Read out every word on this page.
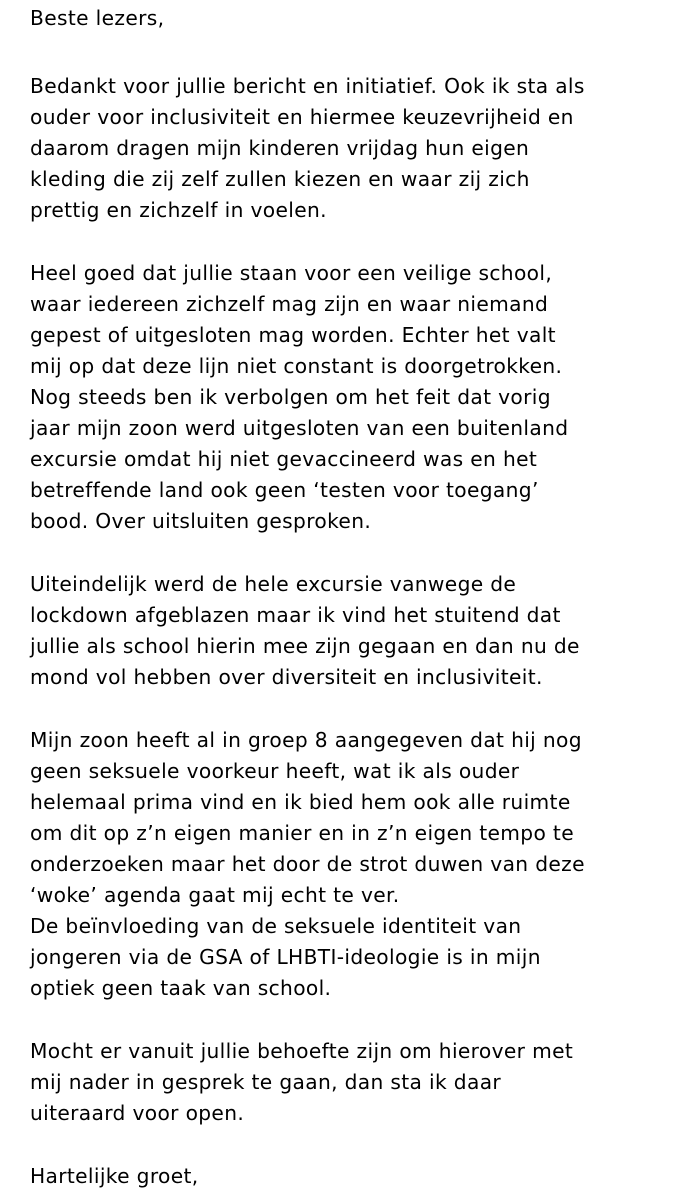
Beste lezers,
Bedankt voor jullie bericht en initiatief. Ook ik sta als
ouder voor inclusiviteit en hiermee keuzevrijheid en
daarom dragen mijn kinderen vrijdag hun eigen
kleding die zij zelf zullen kiezen en waar zij zich
prettig en zichzelf in voelen.
Heel goed dat jullie staan voor een veilige school,
waar iedereen zichzelf mag zijn en waar niemand
gepest of uitgesloten mag worden. Echter het valt
mij op dat deze lijn niet constant is doorgetrokken.
Nog steeds ben ik verbolgen om het feit dat vorig
jaar mijn zoon werd uitgesloten van een buitenland
excursie omdat hij niet gevaccineerd was en het
betreffende land ook geen ‘testen voor toegang’
bood. Over uitsluiten gesproken.
Uiteindelijk werd de hele excursie vanwege de
lockdown afgeblazen maar ik vind het stuitend dat
jullie als school hierin mee zijn gegaan en dan nu de
mond vol hebben over diversiteit en inclusiviteit.
Mijn zoon heeft al in groep 8 aangegeven dat hij nog
geen seksuele voorkeur heeft, wat ik als ouder
helemaal prima vind en ik bied hem ook alle ruimte
om dit op z’n eigen manier en in z’n eigen tempo te
onderzoeken maar het door de strot duwen van deze
‘woke’ agenda gaat mij echt te ver.
De beïnvloeding van de seksuele identiteit van
jongeren via de GSA of LHBTI-ideologie is in mijn
optiek geen taak van school.
Mocht er vanuit jullie behoefte zijn om hierover met
mij nader in gesprek te gaan, dan sta ik daar
uiteraard voor open.
Hartelijke groet,
